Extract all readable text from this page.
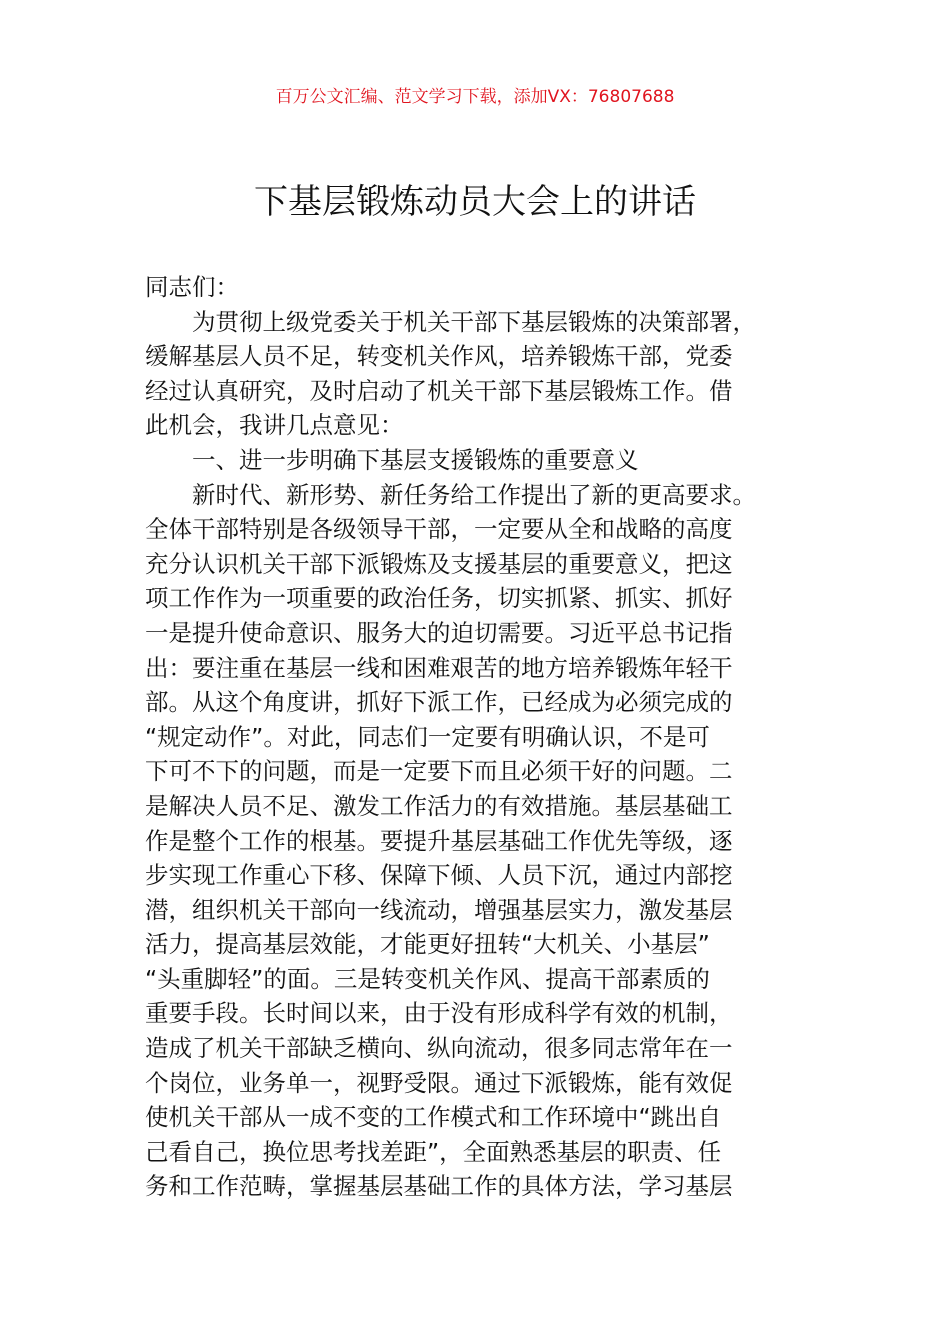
百万公文汇编、范文学习下载，添加VX：76807688
下基层锻炼动员大会上的讲话
同志们：
　　为贯彻上级党委关于机关干部下基层锻炼的决策部署，
缓解基层人员不足，转变机关作风，培养锻炼干部，党委
经过认真研究，及时启动了机关干部下基层锻炼工作。借
此机会，我讲几点意见：
　　一、进一步明确下基层支援锻炼的重要意义
　　新时代、新形势、新任务给工作提出了新的更高要求。
全体干部特别是各级领导干部，一定要从全和战略的高度
充分认识机关干部下派锻炼及支援基层的重要意义，把这
项工作作为一项重要的政治任务，切实抓紧、抓实、抓好
一是提升使命意识、服务大的迫切需要。习近平总书记指
出：要注重在基层一线和困难艰苦的地方培养锻炼年轻干
部。从这个角度讲，抓好下派工作，已经成为必须完成的
“规定动作”。对此，同志们一定要有明确认识，不是可
下可不下的问题，而是一定要下而且必须干好的问题。二
是解决人员不足、激发工作活力的有效措施。基层基础工
作是整个工作的根基。要提升基层基础工作优先等级，逐
步实现工作重心下移、保障下倾、人员下沉，通过内部挖
潜，组织机关干部向一线流动，增强基层实力，激发基层
活力，提高基层效能，才能更好扭转“大机关、小基层”
“头重脚轻”的面。三是转变机关作风、提高干部素质的
重要手段。长时间以来，由于没有形成科学有效的机制，
造成了机关干部缺乏横向、纵向流动，很多同志常年在一
个岗位，业务单一，视野受限。通过下派锻炼，能有效促
使机关干部从一成不变的工作模式和工作环境中“跳出自
己看自己，换位思考找差距”，全面熟悉基层的职责、任
务和工作范畴，掌握基层基础工作的具体方法，学习基层
